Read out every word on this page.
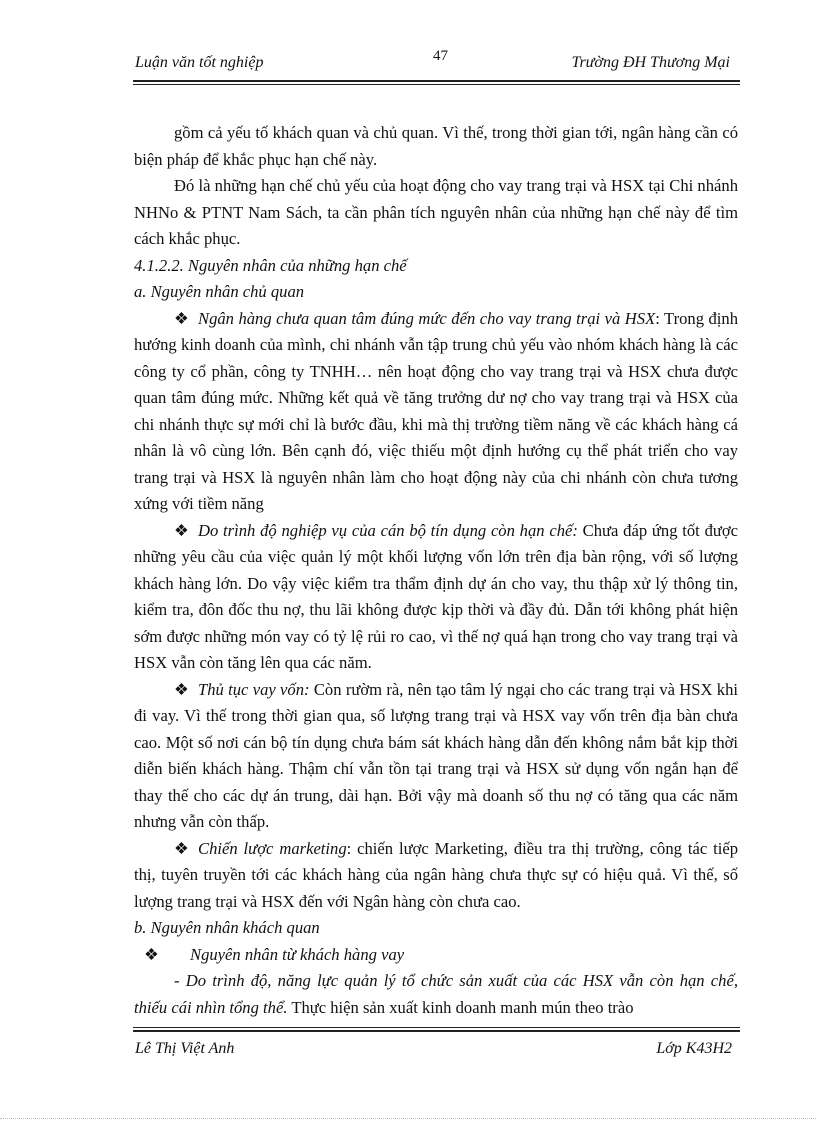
Luận văn tốt nghiệp	47	Trường ĐH Thương Mại

gồm cả yếu tố khách quan và chủ quan. Vì thế, trong thời gian tới, ngân hàng cần có biện pháp để khắc phục hạn chế này.

Đó là những hạn chế chủ yếu của hoạt động cho vay trang trại và HSX tại Chi nhánh NHNo & PTNT Nam Sách, ta cần phân tích nguyên nhân của những hạn chế này để tìm cách khắc phục.

4.1.2.2. Nguyên nhân của những hạn chế

a. Nguyên nhân chủ quan

❖ Ngân hàng chưa quan tâm đúng mức đến cho vay trang trại và HSX: Trong định hướng kinh doanh của mình, chi nhánh vẫn tập trung chủ yếu vào nhóm khách hàng là các công ty cổ phần, công ty TNHH… nên hoạt động cho vay trang trại và HSX chưa được quan tâm đúng mức. Những kết quả về tăng trưởng dư nợ cho vay trang trại và HSX của chi nhánh thực sự mới chỉ là bước đầu, khi mà thị trường tiềm năng về các khách hàng cá nhân là vô cùng lớn. Bên cạnh đó, việc thiếu một định hướng cụ thể phát triển cho vay trang trại và HSX là nguyên nhân làm cho hoạt động này của chi nhánh còn chưa tương xứng với tiềm năng

❖ Do trình độ nghiệp vụ của cán bộ tín dụng còn hạn chế: Chưa đáp ứng tốt được những yêu cầu của việc quản lý một khối lượng vốn lớn trên địa bàn rộng, với số lượng khách hàng lớn. Do vậy việc kiểm tra thẩm định dự án cho vay, thu thập xử lý thông tin, kiểm tra, đôn đốc thu nợ, thu lãi không được kịp thời và đầy đủ. Dẫn tới không phát hiện sớm được những món vay có tỷ lệ rủi ro cao, vì thế nợ quá hạn trong cho vay trang trại và HSX vẫn còn tăng lên qua các năm.

❖ Thủ tục vay vốn: Còn rườm rà, nên tạo tâm lý ngại cho các trang trại và HSX khi đi vay. Vì thế trong thời gian qua, số lượng trang trại và HSX vay vốn trên địa bàn chưa cao. Một số nơi cán bộ tín dụng chưa bám sát khách hàng dẫn đến không nắm bắt kịp thời diễn biến khách hàng. Thậm chí vẫn tồn tại trang trại và HSX sử dụng vốn ngắn hạn để thay thế cho các dự án trung, dài hạn. Bởi vậy mà doanh số thu nợ có tăng qua các năm nhưng vẫn còn thấp.

❖ Chiến lược marketing: chiến lược Marketing, điều tra thị trường, công tác tiếp thị, tuyên truyền tới các khách hàng của ngân hàng chưa thực sự có hiệu quả. Vì thế, số lượng trang trại và HSX đến với Ngân hàng còn chưa cao.

b. Nguyên nhân khách quan

❖ Nguyên nhân từ khách hàng vay

- Do trình độ, năng lực quản lý tổ chức sản xuất của các HSX vẫn còn hạn chế, thiếu cái nhìn tổng thể. Thực hiện sản xuất kinh doanh manh mún theo trào

Lê Thị Việt Anh	Lớp K43H2
